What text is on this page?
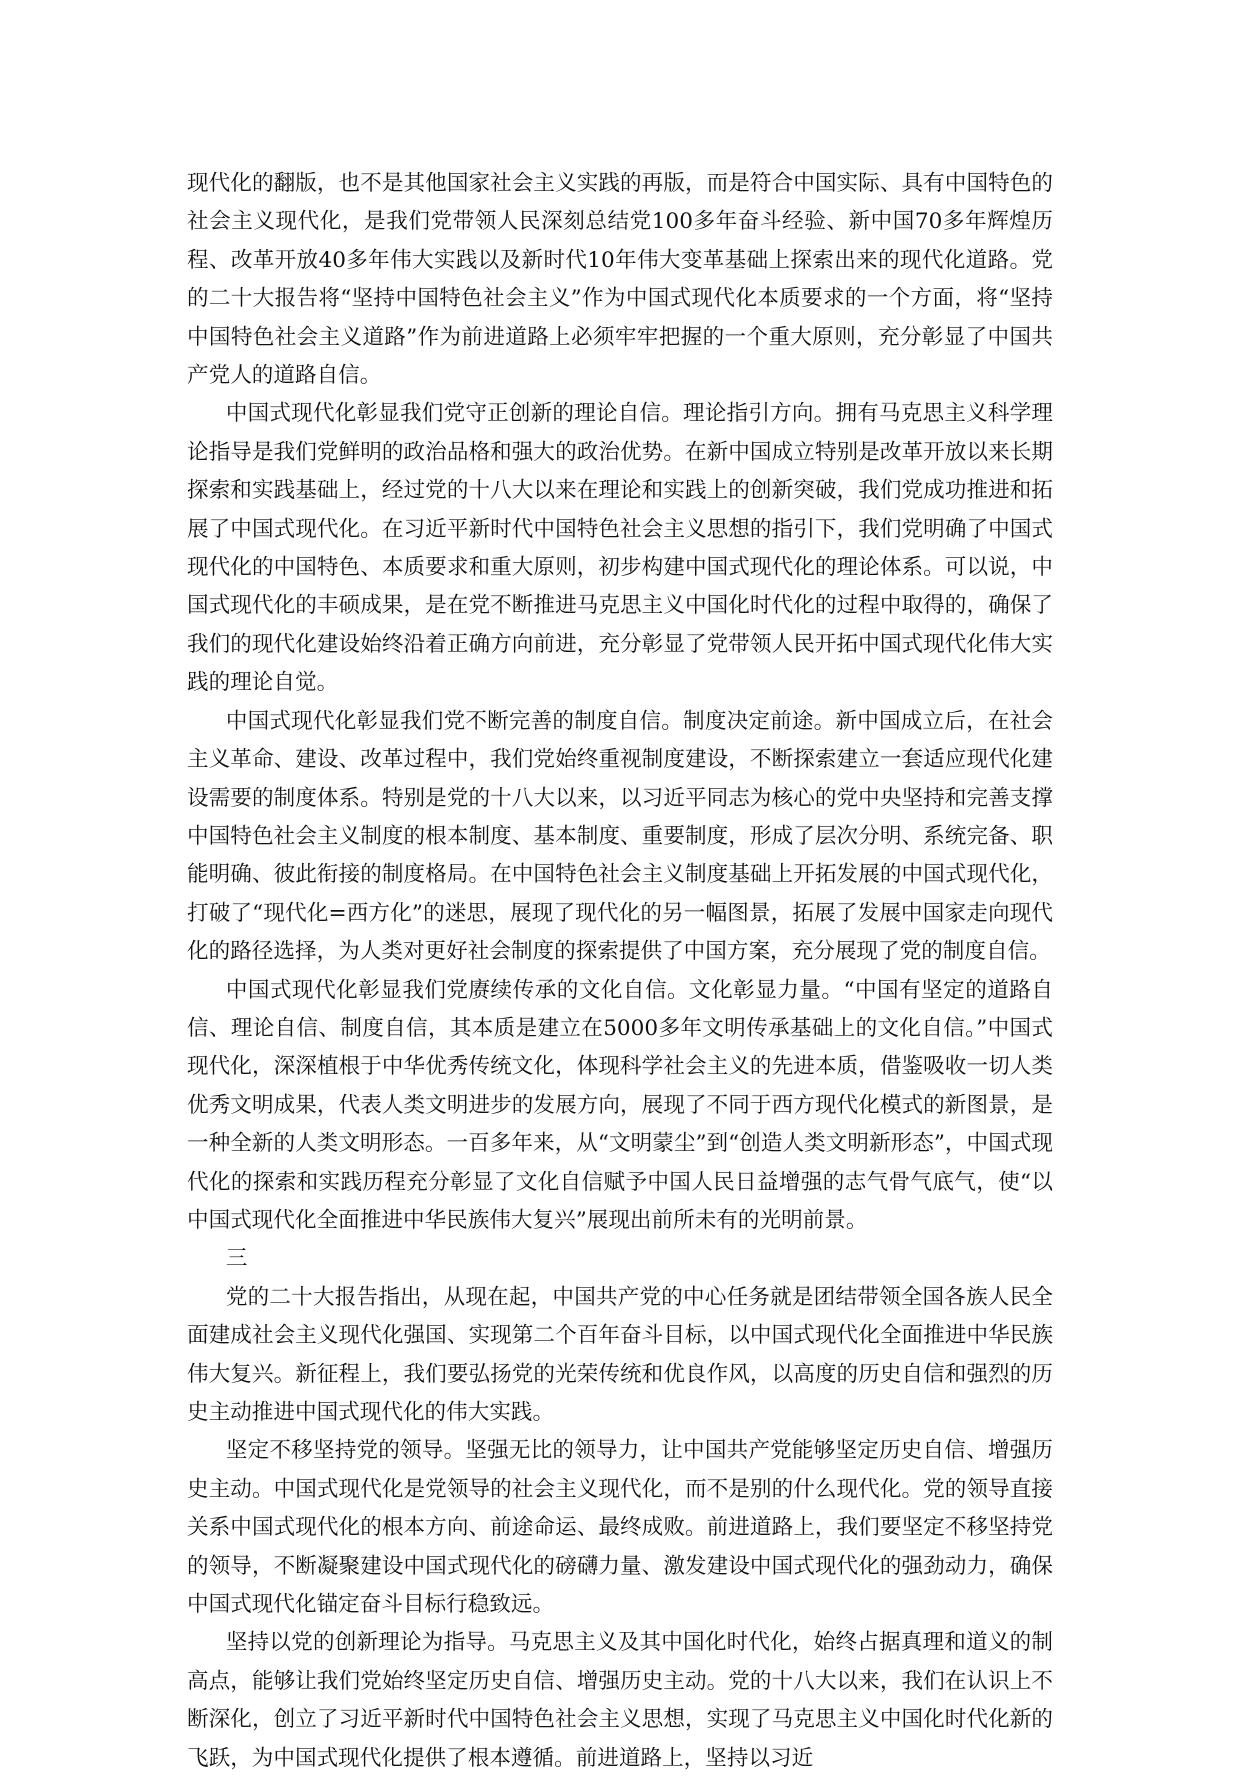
现代化的翻版，也不是其他国家社会主义实践的再版，而是符合中国实际、具有中国特色的社会主义现代化，是我们党带领人民深刻总结党100多年奋斗经验、新中国70多年辉煌历程、改革开放40多年伟大实践以及新时代10年伟大变革基础上探索出来的现代化道路。党的二十大报告将“坚持中国特色社会主义”作为中国式现代化本质要求的一个方面，将“坚持中国特色社会主义道路”作为前进道路上必须牢牢把握的一个重大原则，充分彰显了中国共产党人的道路自信。

中国式现代化彰显我们党守正创新的理论自信。理论指引方向。拥有马克思主义科学理论指导是我们党鲜明的政治品格和强大的政治优势。在新中国成立特别是改革开放以来长期探索和实践基础上，经过党的十八大以来在理论和实践上的创新突破，我们党成功推进和拓展了中国式现代化。在习近平新时代中国特色社会主义思想的指引下，我们党明确了中国式现代化的中国特色、本质要求和重大原则，初步构建中国式现代化的理论体系。可以说，中国式现代化的丰硕成果，是在党不断推进马克思主义中国化时代化的过程中取得的，确保了我们的现代化建设始终沿着正确方向前进，充分彰显了党带领人民开拓中国式现代化伟大实践的理论自觉。

中国式现代化彰显我们党不断完善的制度自信。制度决定前途。新中国成立后，在社会主义革命、建设、改革过程中，我们党始终重视制度建设，不断探索建立一套适应现代化建设需要的制度体系。特别是党的十八大以来，以习近平同志为核心的党中央坚持和完善支撑中国特色社会主义制度的根本制度、基本制度、重要制度，形成了层次分明、系统完备、职能明确、彼此衔接的制度格局。在中国特色社会主义制度基础上开拓发展的中国式现代化，打破了“现代化=西方化”的迷思，展现了现代化的另一幅图景，拓展了发展中国家走向现代化的路径选择，为人类对更好社会制度的探索提供了中国方案，充分展现了党的制度自信。

中国式现代化彰显我们党赓续传承的文化自信。文化彰显力量。“中国有坚定的道路自信、理论自信、制度自信，其本质是建立在5000多年文明传承基础上的文化自信。”中国式现代化，深深植根于中华优秀传统文化，体现科学社会主义的先进本质，借鉴吸收一切人类优秀文明成果，代表人类文明进步的发展方向，展现了不同于西方现代化模式的新图景，是一种全新的人类文明形态。一百多年来，从“文明蒙尘”到“创造人类文明新形态”，中国式现代化的探索和实践历程充分彰显了文化自信赋予中国人民日益增强的志气骨气底气，使“以中国式现代化全面推进中华民族伟大复兴”展现出前所未有的光明前景。

三

党的二十大报告指出，从现在起，中国共产党的中心任务就是团结带领全国各族人民全面建成社会主义现代化强国、实现第二个百年奋斗目标，以中国式现代化全面推进中华民族伟大复兴。新征程上，我们要弘扬党的光荣传统和优良作风，以高度的历史自信和强烈的历史主动推进中国式现代化的伟大实践。

坚定不移坚持党的领导。坚强无比的领导力，让中国共产党能够坚定历史自信、增强历史主动。中国式现代化是党领导的社会主义现代化，而不是别的什么现代化。党的领导直接关系中国式现代化的根本方向、前途命运、最终成败。前进道路上，我们要坚定不移坚持党的领导，不断凝聚建设中国式现代化的磅礴力量、激发建设中国式现代化的强劲动力，确保中国式现代化锚定奋斗目标行稳致远。

坚持以党的创新理论为指导。马克思主义及其中国化时代化，始终占据真理和道义的制高点，能够让我们党始终坚定历史自信、增强历史主动。党的十八大以来，我们在认识上不断深化，创立了习近平新时代中国特色社会主义思想，实现了马克思主义中国化时代化新的飞跃，为中国式现代化提供了根本遵循。前进道路上，坚持以习近
